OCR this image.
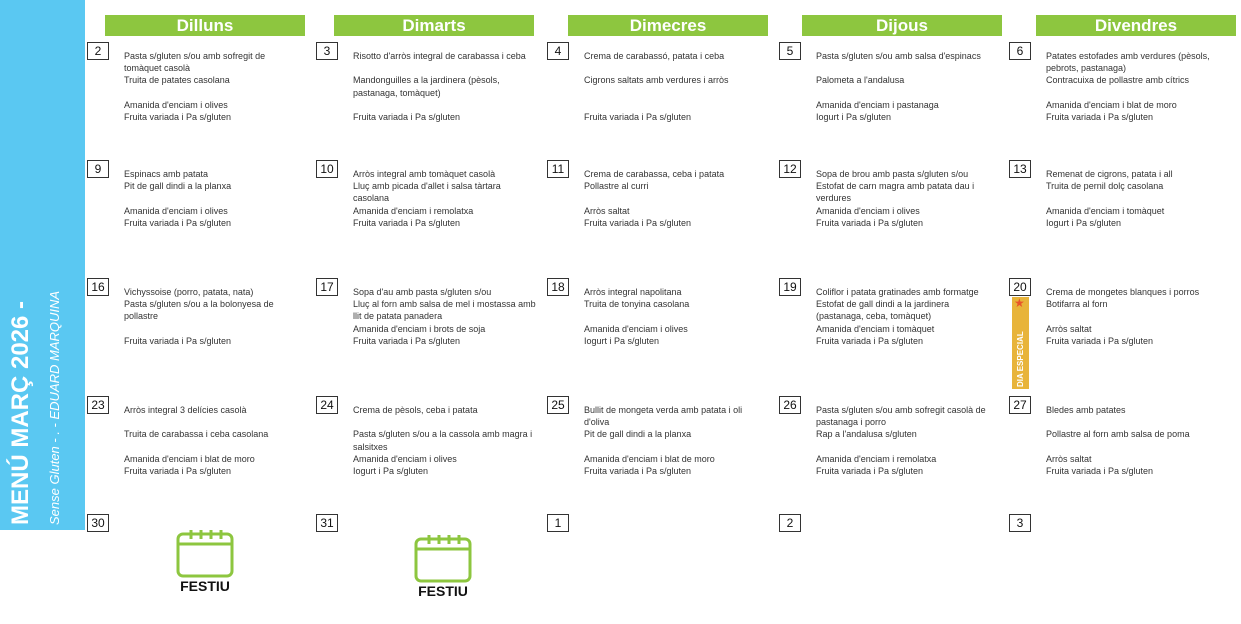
MENÚ MARÇ 2026 -	Sense Gluten - . - EDUARD MARQUINA
Dilluns	Dimarts	Dimecres	Dijous	Divendres
2	Pasta s/gluten s/ou amb sofregit de
tomàquet casolà
Truita de patates casolana
Amanida d'enciam i olives
Fruita variada i Pa s/gluten
3	Risotto d'arròs integral de carabassa i ceba
Mandonguilles a la jardinera (pèsols,
pastanaga, tomàquet)
Fruita variada i Pa s/gluten
4	Crema de carabassó, patata i ceba
Cigrons saltats amb verdures i arròs
Fruita variada i Pa s/gluten
5	Pasta s/gluten s/ou amb salsa d'espinacs
Palometa a l'andalusa
Amanida d'enciam i pastanaga
Iogurt i Pa s/gluten
6	Patates estofades amb verdures (pèsols,
pebrots, pastanaga)
Contracuixa de pollastre amb cítrics
Amanida d'enciam i blat de moro
Fruita variada i Pa s/gluten
9	Espinacs amb patata
Pit de gall dindi a la planxa
Amanida d'enciam i olives
Fruita variada i Pa s/gluten
10	Arròs integral amb tomàquet casolà
Lluç amb picada d'allet i salsa tàrtara
casolana
Amanida d'enciam i remolatxa
Fruita variada i Pa s/gluten
11	Crema de carabassa, ceba i patata
Pollastre al curri
Arròs saltat
Fruita variada i Pa s/gluten
12	Sopa de brou amb pasta s/gluten s/ou
Estofat de carn magra amb patata dau i
verdures
Amanida d'enciam i olives
Fruita variada i Pa s/gluten
13	Remenat de cigrons, patata i all
Truita de pernil dolç casolana
Amanida d'enciam i tomàquet
Iogurt i Pa s/gluten
16	Vichyssoise (porro, patata, nata)
Pasta s/gluten s/ou a la bolonyesa de
pollastre
Fruita variada i Pa s/gluten
17	Sopa d'au amb pasta s/gluten s/ou
Lluç al forn amb salsa de mel i mostassa amb
llit de patata panadera
Amanida d'enciam i brots de soja
Fruita variada i Pa s/gluten
18	Arròs integral napolitana
Truita de tonyina casolana
Amanida d'enciam i olives
Iogurt i Pa s/gluten
19	Coliflor i patata gratinades amb formatge
Estofat de gall dindi a la jardinera
(pastanaga, ceba, tomàquet)
Amanida d'enciam i tomàquet
Fruita variada i Pa s/gluten
20	Crema de mongetes blanques i porros
Botifarra al forn
Arròs saltat
Fruita variada i Pa s/gluten
23	Arròs integral 3 delícies casolà
Truita de carabassa i ceba casolana
Amanida d'enciam i blat de moro
Fruita variada i Pa s/gluten
24	Crema de pèsols, ceba i patata
Pasta s/gluten s/ou a la cassola amb magra i
salsitxes
Amanida d'enciam i olives
Iogurt i Pa s/gluten
25	Bullit de mongeta verda amb patata i oli
d'oliva
Pit de gall dindi a la planxa
Amanida d'enciam i blat de moro
Fruita variada i Pa s/gluten
26	Pasta s/gluten s/ou amb sofregit casolà de
pastanaga i porro
Rap a l'andalusa s/gluten
Amanida d'enciam i remolatxa
Fruita variada i Pa s/gluten
27	Bledes amb patates
Pollastre al forn amb salsa de poma
Arròs saltat
Fruita variada i Pa s/gluten
30	31	1	2	3
FESTIU	FESTIU
★
DIA ESPECIAL
